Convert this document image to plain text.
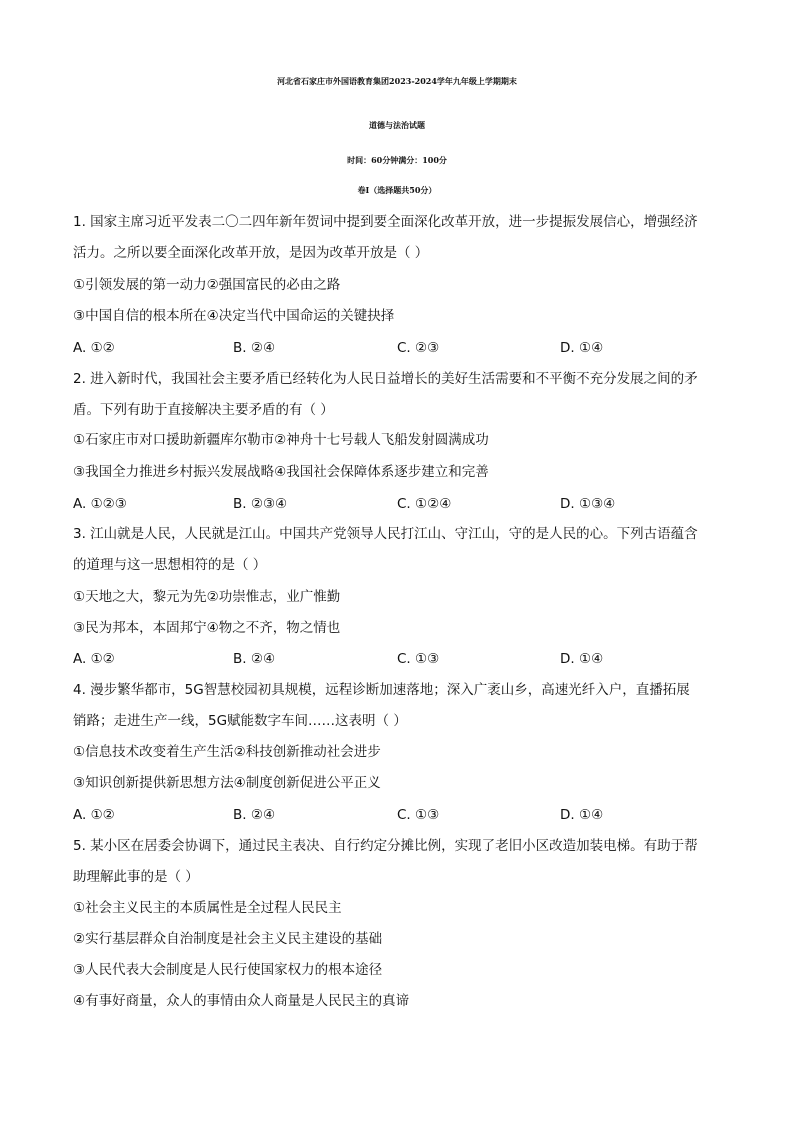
河北省石家庄市外国语教育集团2023-2024学年九年级上学期期末
道德与法治试题
时间：60分钟满分：100分
卷Ⅰ（选择题共50分）
1. 国家主席习近平发表二〇二四年新年贺词中提到要全面深化改革开放，进一步提振发展信心，增强经济
活力。之所以要全面深化改革开放，是因为改革开放是（ ）
①引领发展的第一动力②强国富民的必由之路
③中国自信的根本所在④决定当代中国命运的关键抉择
A. ①②	B. ②④	C. ②③	D. ①④
2. 进入新时代，我国社会主要矛盾已经转化为人民日益增长的美好生活需要和不平衡不充分发展之间的矛
盾。下列有助于直接解决主要矛盾的有（ ）
①石家庄市对口援助新疆库尔勒市②神舟十七号载人飞船发射圆满成功
③我国全力推进乡村振兴发展战略④我国社会保障体系逐步建立和完善
A. ①②③	B. ②③④	C. ①②④	D. ①③④
3. 江山就是人民，人民就是江山。中国共产党领导人民打江山、守江山，守的是人民的心。下列古语蕴含
的道理与这一思想相符的是（ ）
①天地之大，黎元为先②功崇惟志，业广惟勤
③民为邦本，本固邦宁④物之不齐，物之情也
A. ①②	B. ②④	C. ①③	D. ①④
4. 漫步繁华都市，5G智慧校园初具规模，远程诊断加速落地；深入广袤山乡，高速光纤入户，直播拓展
销路；走进生产一线，5G赋能数字车间……这表明（ ）
①信息技术改变着生产生活②科技创新推动社会进步
③知识创新提供新思想方法④制度创新促进公平正义
A. ①②	B. ②④	C. ①③	D. ①④
5. 某小区在居委会协调下，通过民主表决、自行约定分摊比例，实现了老旧小区改造加装电梯。有助于帮
助理解此事的是（ ）
①社会主义民主的本质属性是全过程人民民主
②实行基层群众自治制度是社会主义民主建设的基础
③人民代表大会制度是人民行使国家权力的根本途径
④有事好商量，众人的事情由众人商量是人民民主的真谛
